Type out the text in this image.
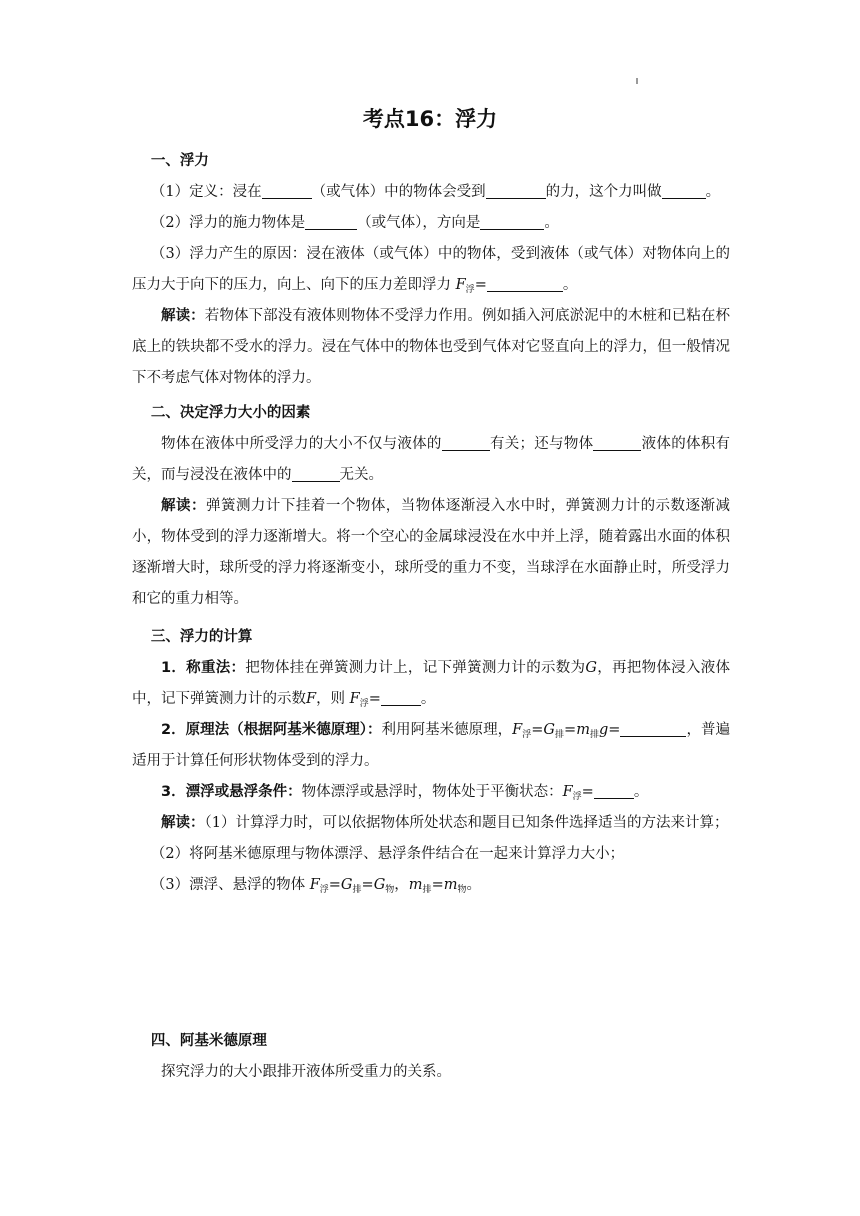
考点16：浮力

一、浮力

（1）定义：浸在	（或气体）中的物体会受到	的力，这个力叫做	。

（2）浮力的施力物体是	（或气体），方向是	。

（3）浮力产生的原因：浸在液体（或气体）中的物体，受到液体（或气体）对物体向上的压力大于向下的压力，向上、向下的压力差即浮力 $F_浮=$	。

解读：若物体下部没有液体则物体不受浮力作用。例如插入河底淤泥中的木桩和已粘在杯底上的铁块都不受水的浮力。浸在气体中的物体也受到气体对它竖直向上的浮力，但一般情况下不考虑气体对物体的浮力。

二、决定浮力大小的因素

物体在液体中所受浮力的大小不仅与液体的	有关；还与物体	液体的体积有关，而与浸没在液体中的	无关。

解读：弹簧测力计下挂着一个物体，当物体逐渐浸入水中时，弹簧测力计的示数逐渐减小，物体受到的浮力逐渐增大。将一个空心的金属球浸没在水中并上浮，随着露出水面的体积逐渐增大时，球所受的浮力将逐渐变小，球所受的重力不变，当球浮在水面静止时，所受浮力和它的重力相等。

三、浮力的计算

1．称重法：把物体挂在弹簧测力计上，记下弹簧测力计的示数为G，再把物体浸入液体中，记下弹簧测力计的示数F，则 $F_浮=$	。

2．原理法（根据阿基米德原理）：利用阿基米德原理，$F_浮=G_排=m_排g=$	，普遍适用于计算任何形状物体受到的浮力。

3．漂浮或悬浮条件：物体漂浮或悬浮时，物体处于平衡状态：$F_浮=$	。

解读：（1）计算浮力时，可以依据物体所处状态和题目已知条件选择适当的方法来计算；

（2）将阿基米德原理与物体漂浮、悬浮条件结合在一起来计算浮力大小；

（3）漂浮、悬浮的物体 $F_浮=G_排=G_物$，$m_排=m_物$。

四、阿基米德原理

探究浮力的大小跟排开液体所受重力的关系。
